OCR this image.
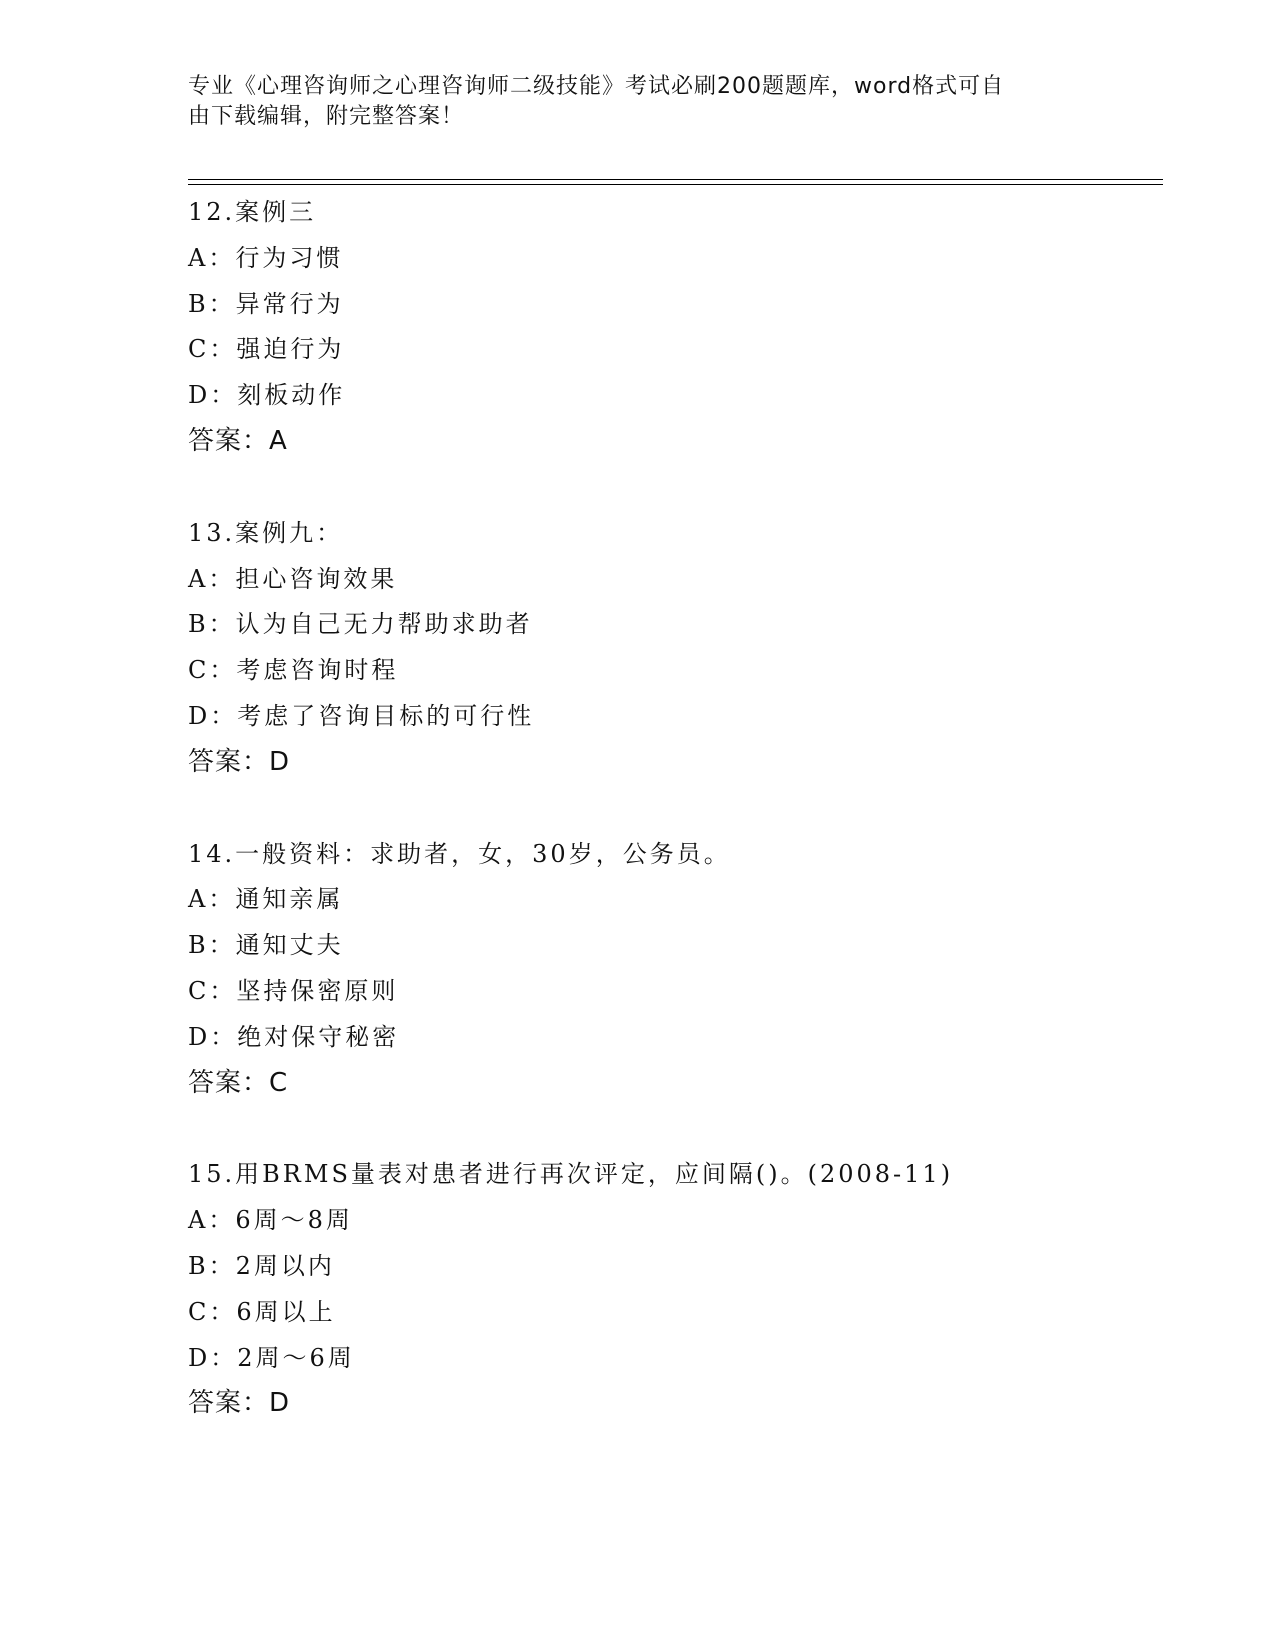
专业《心理咨询师之心理咨询师二级技能》考试必刷200题题库，word格式可自
由下载编辑，附完整答案！
12.案例三
A：行为习惯
B：异常行为
C：强迫行为
D：刻板动作
答案：A
13.案例九：
A：担心咨询效果
B：认为自己无力帮助求助者
C：考虑咨询时程
D：考虑了咨询目标的可行性
答案：D
14.一般资料：求助者，女，30岁，公务员。
A：通知亲属
B：通知丈夫
C：坚持保密原则
D：绝对保守秘密
答案：C
15.用BRMS量表对患者进行再次评定，应间隔()。(2008-11)
A：6周～8周
B：2周以内
C：6周以上
D：2周～6周
答案：D
